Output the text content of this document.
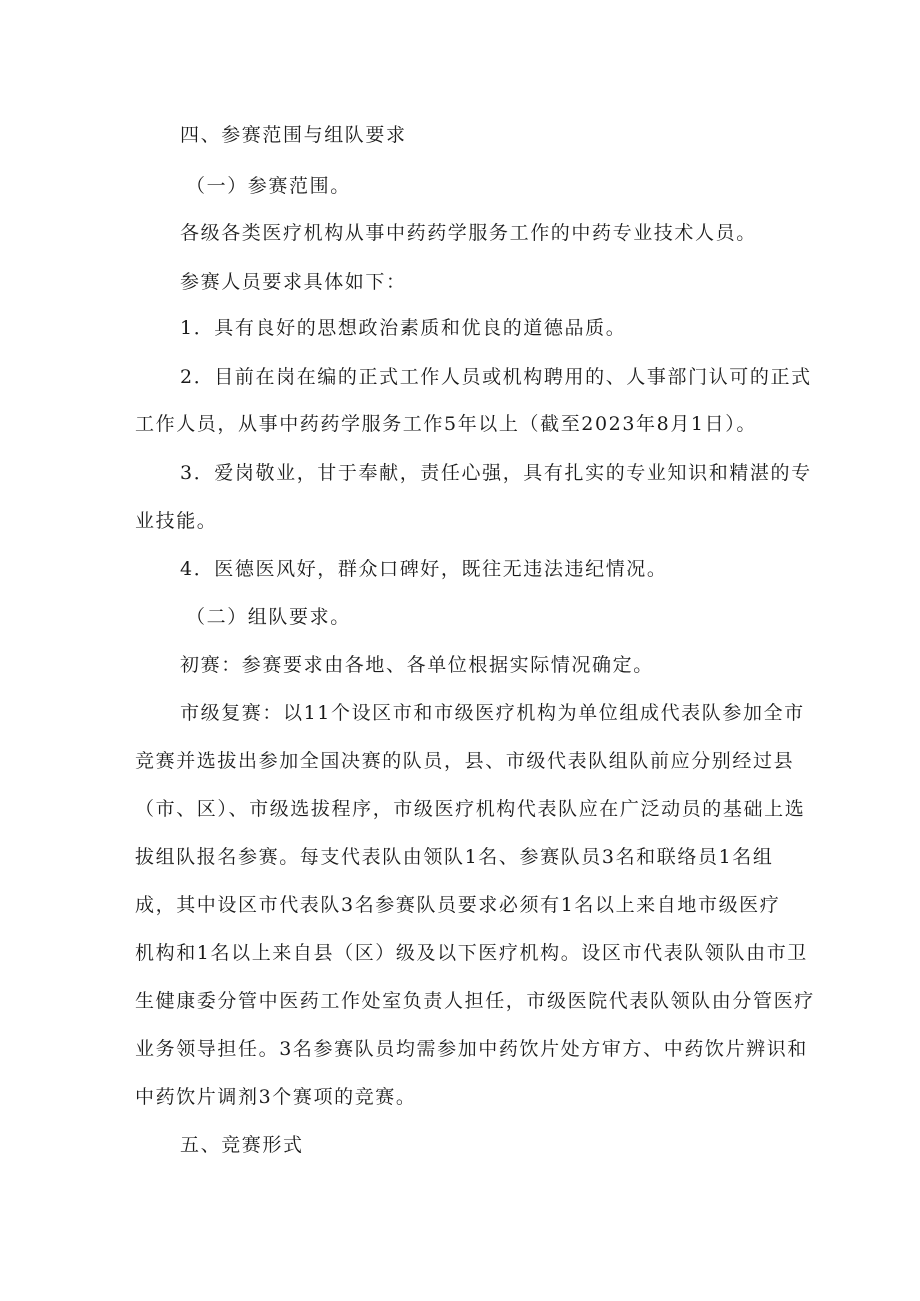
四、参赛范围与组队要求
（一）参赛范围。
各级各类医疗机构从事中药药学服务工作的中药专业技术人员。
参赛人员要求具体如下：
1．具有良好的思想政治素质和优良的道德品质。
2．目前在岗在编的正式工作人员或机构聘用的、人事部门认可的正式
工作人员，从事中药药学服务工作5年以上（截至2023年8月1日）。
3．爱岗敬业，甘于奉献，责任心强，具有扎实的专业知识和精湛的专
业技能。
4．医德医风好，群众口碑好，既往无违法违纪情况。
（二）组队要求。
初赛：参赛要求由各地、各单位根据实际情况确定。
市级复赛：以11个设区市和市级医疗机构为单位组成代表队参加全市
竞赛并选拔出参加全国决赛的队员，县、市级代表队组队前应分别经过县
（市、区）、市级选拔程序，市级医疗机构代表队应在广泛动员的基础上选
拔组队报名参赛。每支代表队由领队1名、参赛队员3名和联络员1名组
成，其中设区市代表队3名参赛队员要求必须有1名以上来自地市级医疗
机构和1名以上来自县（区）级及以下医疗机构。设区市代表队领队由市卫
生健康委分管中医药工作处室负责人担任，市级医院代表队领队由分管医疗
业务领导担任。3名参赛队员均需参加中药饮片处方审方、中药饮片辨识和
中药饮片调剂3个赛项的竞赛。
五、竞赛形式
